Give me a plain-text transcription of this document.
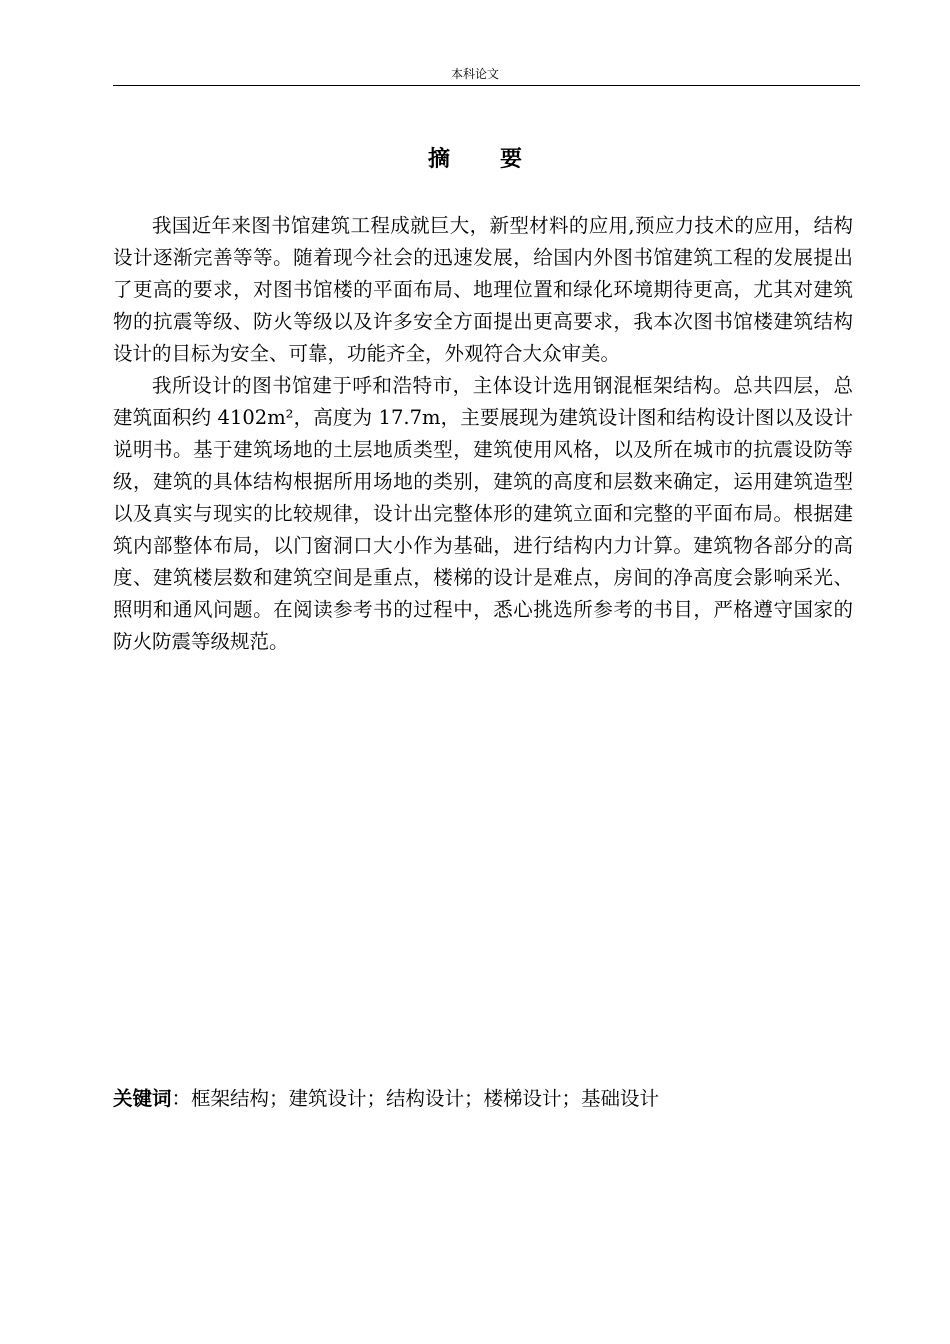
本科论文
摘 要

我国近年来图书馆建筑工程成就巨大，新型材料的应用,预应力技术的应用，结构设计逐渐完善等等。随着现今社会的迅速发展，给国内外图书馆建筑工程的发展提出了更高的要求，对图书馆楼的平面布局、地理位置和绿化环境期待更高，尤其对建筑物的抗震等级、防火等级以及许多安全方面提出更高要求，我本次图书馆楼建筑结构设计的目标为安全、可靠，功能齐全，外观符合大众审美。

我所设计的图书馆建于呼和浩特市，主体设计选用钢混框架结构。总共四层，总建筑面积约 4102m²，高度为 17.7m，主要展现为建筑设计图和结构设计图以及设计说明书。基于建筑场地的土层地质类型，建筑使用风格，以及所在城市的抗震设防等级，建筑的具体结构根据所用场地的类别，建筑的高度和层数来确定，运用建筑造型以及真实与现实的比较规律，设计出完整体形的建筑立面和完整的平面布局。根据建筑内部整体布局，以门窗洞口大小作为基础，进行结构内力计算。建筑物各部分的高度、建筑楼层数和建筑空间是重点，楼梯的设计是难点，房间的净高度会影响采光、照明和通风问题。在阅读参考书的过程中，悉心挑选所参考的书目，严格遵守国家的防火防震等级规范。

关键词：框架结构；建筑设计；结构设计；楼梯设计；基础设计
